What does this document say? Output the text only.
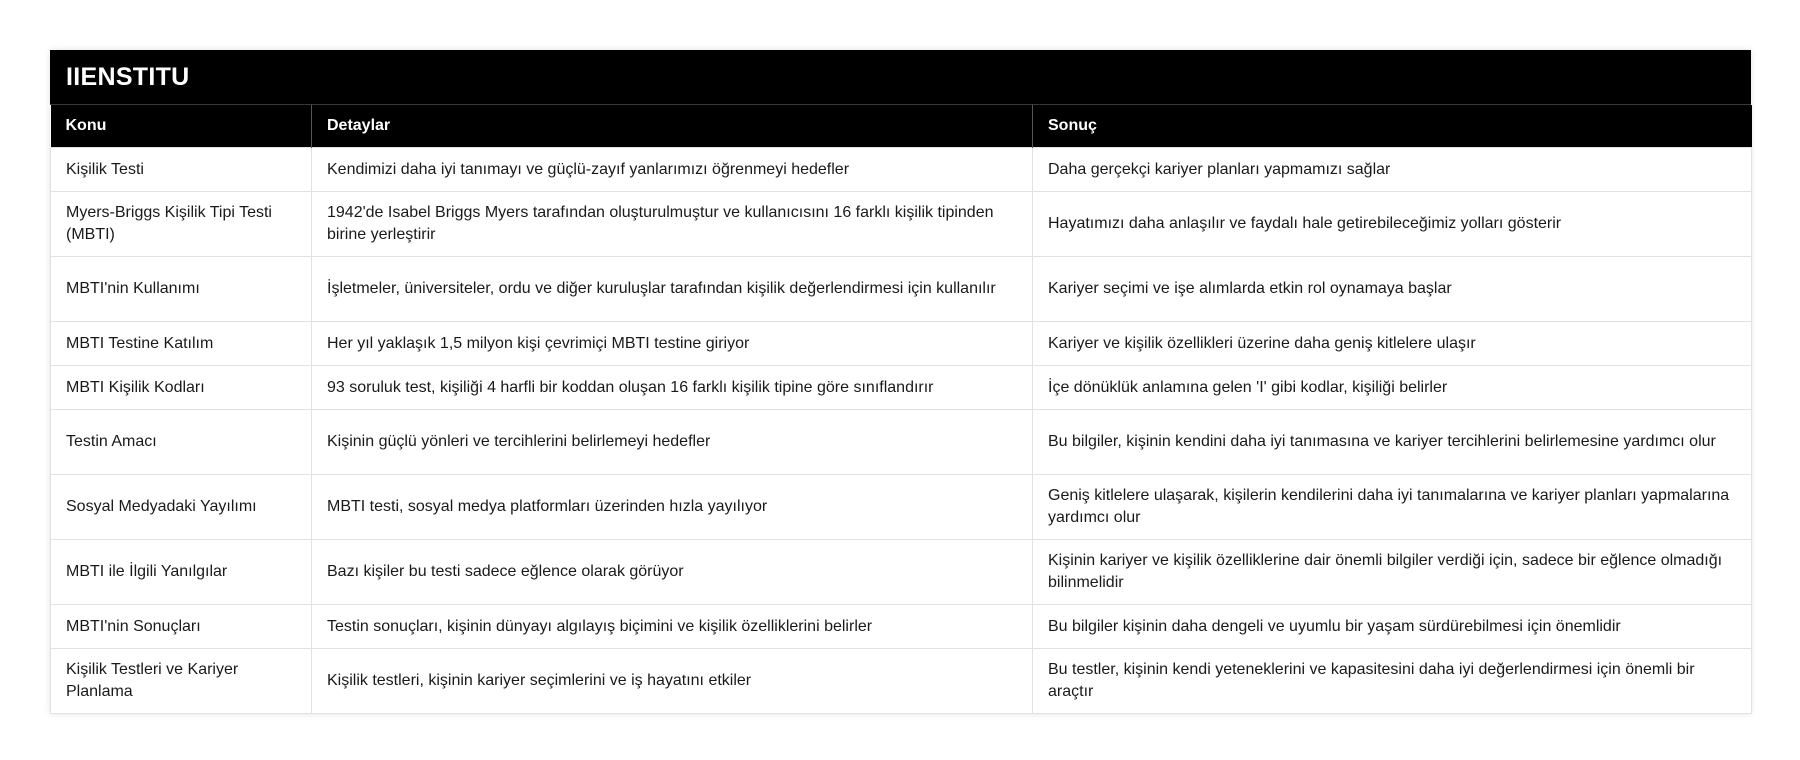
IIENSTITU
Konu	Detaylar	Sonuç
Kişilik Testi	Kendimizi daha iyi tanımayı ve güçlü-zayıf yanlarımızı öğrenmeyi hedefler	Daha gerçekçi kariyer planları yapmamızı sağlar
Myers-Briggs Kişilik Tipi Testi (MBTI)	1942'de Isabel Briggs Myers tarafından oluşturulmuştur ve kullanıcısını 16 farklı kişilik tipinden birine yerleştirir	Hayatımızı daha anlaşılır ve faydalı hale getirebileceğimiz yolları gösterir
MBTI'nin Kullanımı	İşletmeler, üniversiteler, ordu ve diğer kuruluşlar tarafından kişilik değerlendirmesi için kullanılır	Kariyer seçimi ve işe alımlarda etkin rol oynamaya başlar
MBTI Testine Katılım	Her yıl yaklaşık 1,5 milyon kişi çevrimiçi MBTI testine giriyor	Kariyer ve kişilik özellikleri üzerine daha geniş kitlelere ulaşır
MBTI Kişilik Kodları	93 soruluk test, kişiliği 4 harfli bir koddan oluşan 16 farklı kişilik tipine göre sınıflandırır	İçe dönüklük anlamına gelen 'I' gibi kodlar, kişiliği belirler
Testin Amacı	Kişinin güçlü yönleri ve tercihlerini belirlemeyi hedefler	Bu bilgiler, kişinin kendini daha iyi tanımasına ve kariyer tercihlerini belirlemesine yardımcı olur
Sosyal Medyadaki Yayılımı	MBTI testi, sosyal medya platformları üzerinden hızla yayılıyor	Geniş kitlelere ulaşarak, kişilerin kendilerini daha iyi tanımalarına ve kariyer planları yapmalarına yardımcı olur
MBTI ile İlgili Yanılgılar	Bazı kişiler bu testi sadece eğlence olarak görüyor	Kişinin kariyer ve kişilik özelliklerine dair önemli bilgiler verdiği için, sadece bir eğlence olmadığı bilinmelidir
MBTI'nin Sonuçları	Testin sonuçları, kişinin dünyayı algılayış biçimini ve kişilik özelliklerini belirler	Bu bilgiler kişinin daha dengeli ve uyumlu bir yaşam sürdürebilmesi için önemlidir
Kişilik Testleri ve Kariyer Planlama	Kişilik testleri, kişinin kariyer seçimlerini ve iş hayatını etkiler	Bu testler, kişinin kendi yeteneklerini ve kapasitesini daha iyi değerlendirmesi için önemli bir araçtır
